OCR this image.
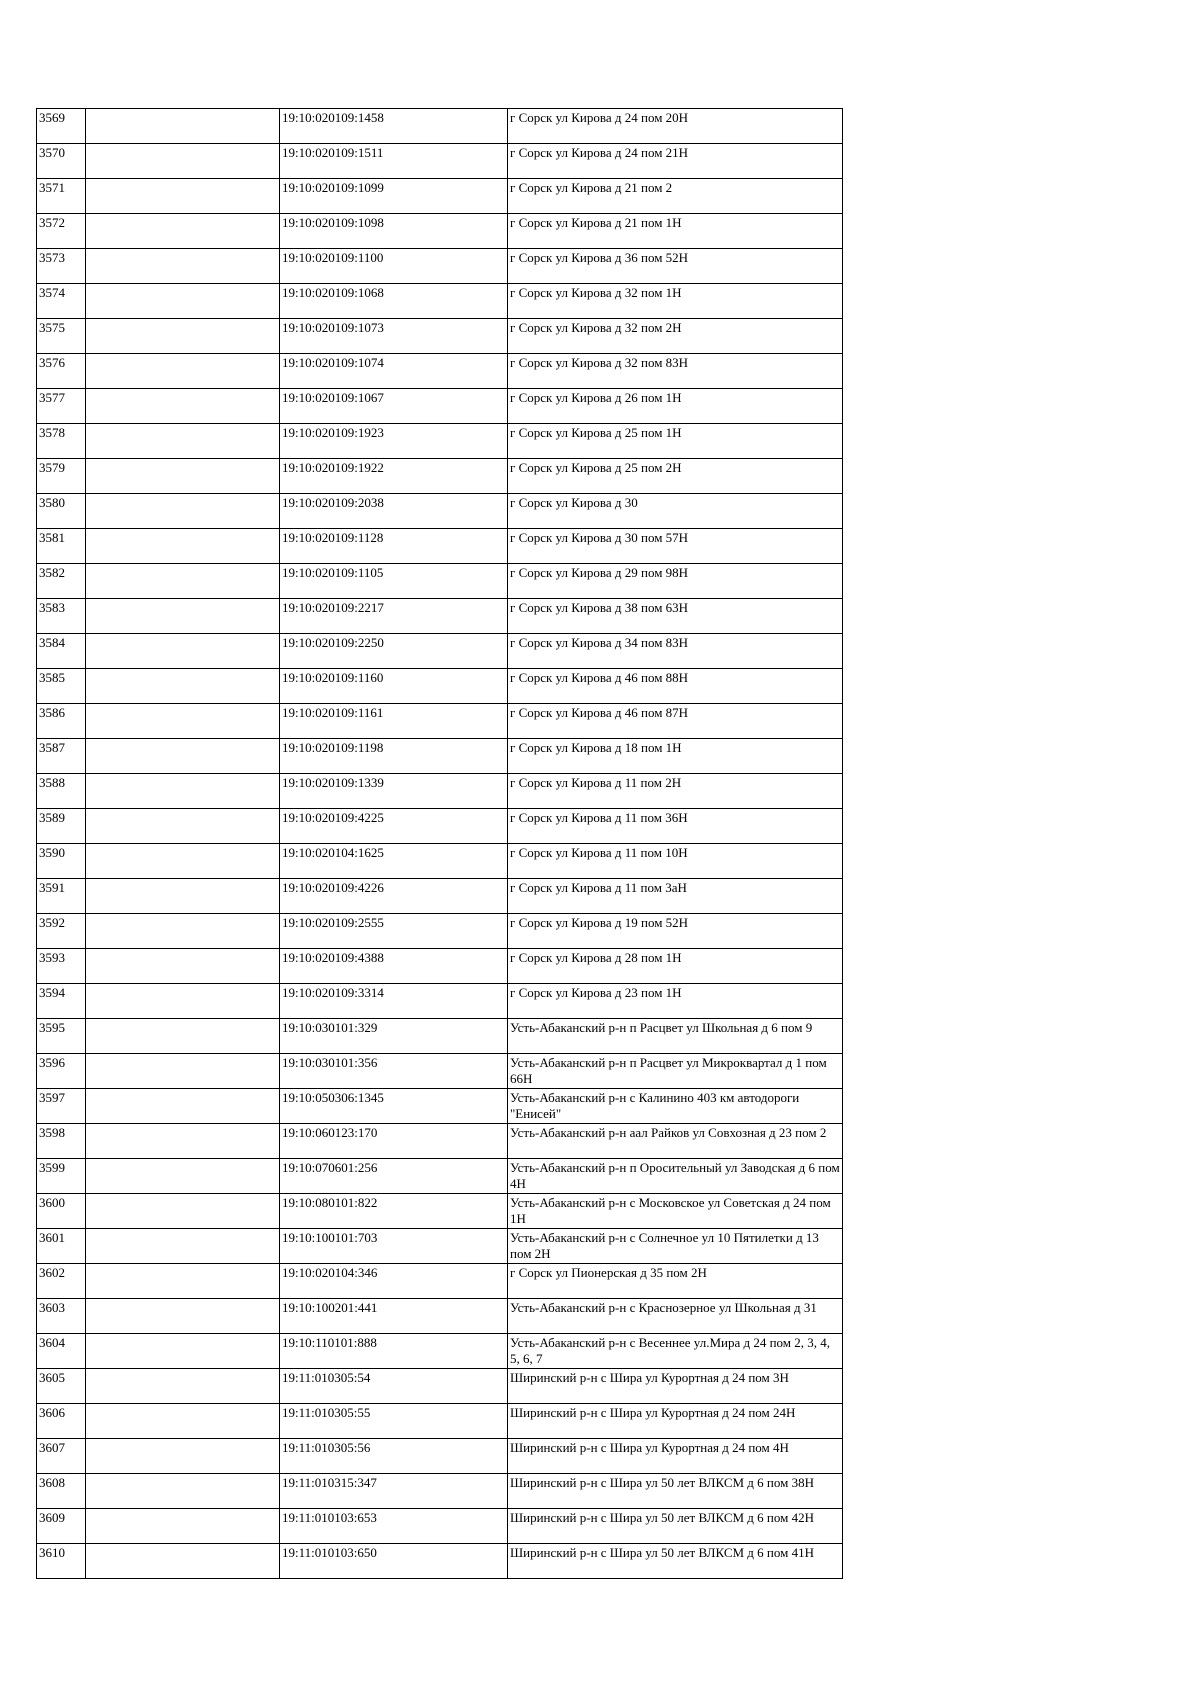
3569		19:10:020109:1458	г Сорск ул Кирова д 24 пом 20Н
3570		19:10:020109:1511	г Сорск ул Кирова д 24 пом 21Н
3571		19:10:020109:1099	г Сорск ул Кирова д 21 пом 2
3572		19:10:020109:1098	г Сорск ул Кирова д 21 пом 1Н
3573		19:10:020109:1100	г Сорск ул Кирова д 36 пом 52Н
3574		19:10:020109:1068	г Сорск ул Кирова д 32 пом 1Н
3575		19:10:020109:1073	г Сорск ул Кирова д 32 пом 2Н
3576		19:10:020109:1074	г Сорск ул Кирова д 32 пом 83Н
3577		19:10:020109:1067	г Сорск ул Кирова д 26 пом 1Н
3578		19:10:020109:1923	г Сорск ул Кирова д 25 пом 1Н
3579		19:10:020109:1922	г Сорск ул Кирова д 25 пом 2Н
3580		19:10:020109:2038	г Сорск ул Кирова д 30
3581		19:10:020109:1128	г Сорск ул Кирова д 30 пом 57Н
3582		19:10:020109:1105	г Сорск ул Кирова д 29 пом 98Н
3583		19:10:020109:2217	г Сорск ул Кирова д 38 пом 63Н
3584		19:10:020109:2250	г Сорск ул Кирова д 34 пом 83Н
3585		19:10:020109:1160	г Сорск ул Кирова д 46 пом 88Н
3586		19:10:020109:1161	г Сорск ул Кирова д 46 пом 87Н
3587		19:10:020109:1198	г Сорск ул Кирова д 18 пом 1Н
3588		19:10:020109:1339	г Сорск ул Кирова д 11 пом 2Н
3589		19:10:020109:4225	г Сорск ул Кирова д 11 пом 36Н
3590		19:10:020104:1625	г Сорск ул Кирова д 11 пом 10Н
3591		19:10:020109:4226	г Сорск ул Кирова д 11 пом 3аН
3592		19:10:020109:2555	г Сорск ул Кирова д 19 пом 52Н
3593		19:10:020109:4388	г Сорск ул Кирова д 28 пом 1Н
3594		19:10:020109:3314	г Сорск ул Кирова д 23 пом 1Н
3595		19:10:030101:329	Усть-Абаканский р-н п Расцвет ул Школьная д 6 пом 9
3596		19:10:030101:356	Усть-Абаканский р-н п Расцвет ул Микроквартал д 1 пом 66Н
3597		19:10:050306:1345	Усть-Абаканский р-н с Калинино 403 км автодороги "Енисей"
3598		19:10:060123:170	Усть-Абаканский р-н аал Райков ул Совхозная д 23 пом 2
3599		19:10:070601:256	Усть-Абаканский р-н п Оросительный ул Заводская д 6 пом 4Н
3600		19:10:080101:822	Усть-Абаканский р-н с Московское ул Советская д 24 пом 1Н
3601		19:10:100101:703	Усть-Абаканский р-н с Солнечное ул 10 Пятилетки д 13 пом 2Н
3602		19:10:020104:346	г Сорск ул Пионерская д 35 пом 2Н
3603		19:10:100201:441	Усть-Абаканский р-н с Краснозерное ул Школьная д 31
3604		19:10:110101:888	Усть-Абаканский р-н с Весеннее ул.Мира д 24 пом 2, 3, 4, 5, 6, 7
3605		19:11:010305:54	Ширинский р-н с Шира ул Курортная д 24 пом 3Н
3606		19:11:010305:55	Ширинский р-н с Шира ул Курортная д 24 пом 24Н
3607		19:11:010305:56	Ширинский р-н с Шира ул Курортная д 24 пом 4Н
3608		19:11:010315:347	Ширинский р-н с Шира ул 50 лет ВЛКСМ д 6 пом 38Н
3609		19:11:010103:653	Ширинский р-н с Шира ул 50 лет ВЛКСМ д 6 пом 42Н
3610		19:11:010103:650	Ширинский р-н с Шира ул 50 лет ВЛКСМ д 6 пом 41Н
